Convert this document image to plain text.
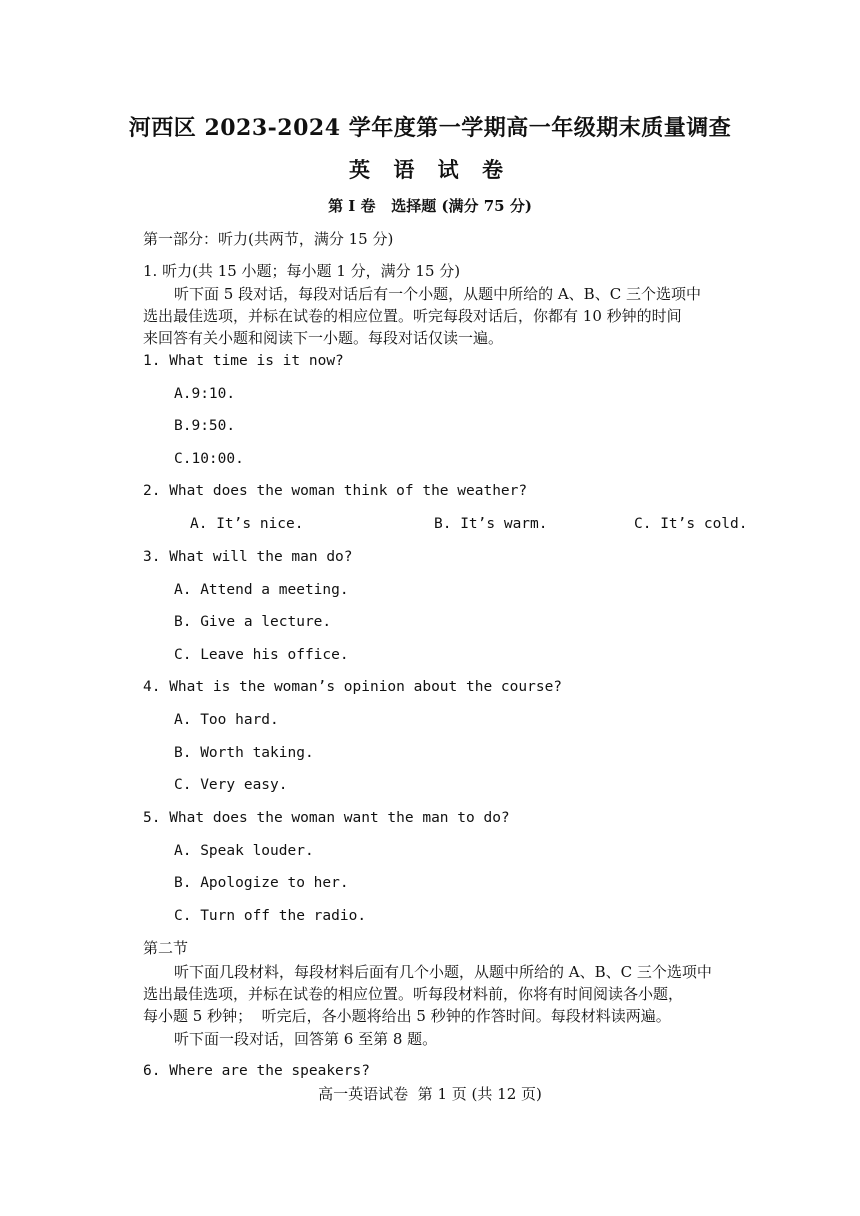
河西区 2023-2024 学年度第一学期高一年级期末质量调查
英 语 试 卷
第 I 卷   选择题 (满分 75 分)
第一部分：听力(共两节，满分 15 分)
1. 听力(共 15 小题；每小题 1 分，满分 15 分)
听下面 5 段对话，每段对话后有一个小题，从题中所给的 A、B、C 三个选项中
选出最佳选项，并标在试卷的相应位置。听完每段对话后，你都有 10 秒钟的时间
来回答有关小题和阅读下一小题。每段对话仅读一遍。
1. What time is it now?
A.9:10.
B.9:50.
C.10:00.
2. What does the woman think of the weather?
A. It’s nice.	B. It’s warm.	C. It’s cold.
3. What will the man do?
A. Attend a meeting.
B. Give a lecture.
C. Leave his office.
4. What is the woman’s opinion about the course?
A. Too hard.
B. Worth taking.
C. Very easy.
5. What does the woman want the man to do?
A. Speak louder.
B. Apologize to her.
C. Turn off the radio.
第二节
听下面几段材料，每段材料后面有几个小题，从题中所给的 A、B、C 三个选项中
选出最佳选项，并标在试卷的相应位置。听每段材料前，你将有时间阅读各小题，
每小题 5 秒钟；  听完后，各小题将给出 5 秒钟的作答时间。每段材料读两遍。
听下面一段对话，回答第 6 至第 8 题。
6. Where are the speakers?
高一英语试卷  第 1 页 (共 12 页)
